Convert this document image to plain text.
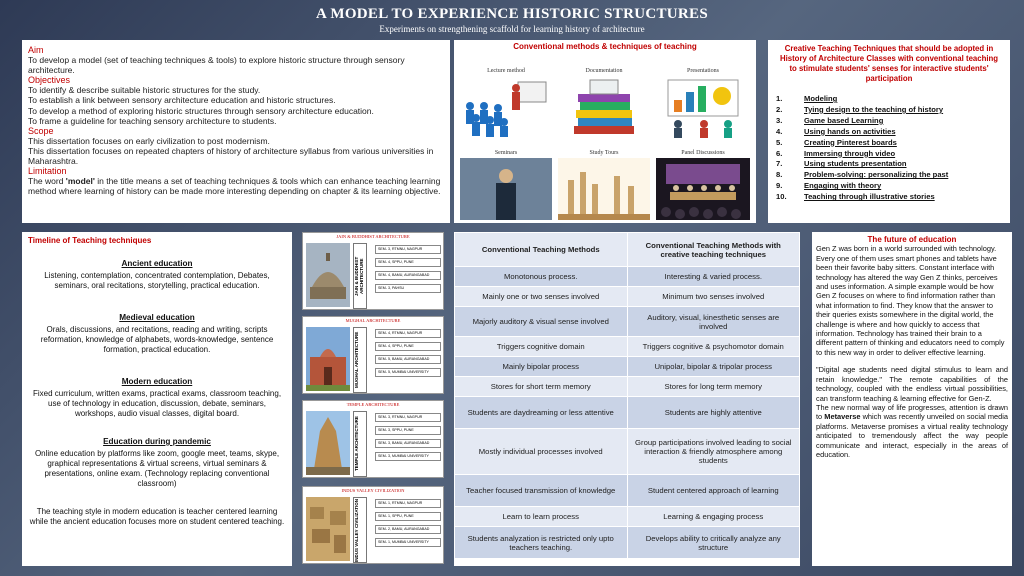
A MODEL TO EXPERIENCE HISTORIC STRUCTURES
Experiments on strengthening scaffold for learning history of architecture
Aim
To develop a model (set of teaching techniques & tools) to explore historic structure through sensory architecture.
Objectives
To identify & describe suitable historic structures for the study.
To establish a link between sensory architecture education and historic structures.
To develop a method of exploring historic structures through sensory architecture education.
To frame a guideline for teaching sensory architecture to students.
Scope
This dissertation focuses on early civilization to post modernism.
This dissertation focuses on repeated chapters of history of architecture syllabus from various universities in Maharashtra.
Limitation
The word 'model' in the title means a set of teaching techniques & tools which can enhance teaching learning method where learning of history can be made more interesting depending on chapter & its learning objective.
Conventional methods & techniques of teaching
Lecture method	Documentation	Presentations
Seminars	Study Tours	Panel Discussions
Creative Teaching Techniques that should be adopted in History of Architecture Classes with conventional teaching to stimulate students' senses for interactive students' participation
1.	Modeling
2.	Tying design to the teaching of history
3.	Game based Learning
4.	Using hands on activities
5.	Creating Pinterest boards
6.	Immersing through video
7.	Using students presentation
8.	Problem-solving: personalizing the past
9.	Engaging with theory
10.	Teaching through illustrative stories
Timeline of Teaching techniques
Ancient education
Listening, contemplation, concentrated contemplation, Debates, seminars, oral recitations, storytelling, practical education.
Medieval education
Orals, discussions, and recitations, reading and writing, scripts reformation, knowledge of alphabets, words-knowledge, sentence formation, practical education.
Modern education
Fixed curriculum, written exams, practical exams, classroom teaching, use of technology in education, discussion, debate, seminars, workshops, audio visual classes, digital board.
Education during pandemic
Online education by platforms like zoom, google meet, teams, skype, graphical representations & virtual screens, virtual seminars & presentations, online exam. (Technology replacing conventional classroom)
The teaching style in modern education is teacher centered learning while the ancient education focuses more on student centered teaching.
JAIN & BUDDHIST ARCHITECTURE
JAIN & BUDDHIST ARCHITECTURE
SEM- 3, RTMNU, NAGPUR
SEM- 4, SPPU, PUNE
SEM- 4, BAMU, AURANGABAD
SEM- 3, PAHSU
MUGHAL ARCHITECTURE
MUGHAL ARCHITECTURE	SEM- 4, RTMNU, NAGPUR
SEM- 4, SPPU, PUNE
SEM- 5, BAMU, AURANGABAD
SEM- 5, MUMBAI UNIVERSITY
TEMPLE ARCHITECTURE
TEMPLE ARCHITECTURE	SEM- 3, RTMNU, NAGPUR
SEM- 3, SPPU, PUNE
SEM- 3, BAMU, AURANGABAD
SEM- 3, MUMBAI UNIVERSITY
INDUS VALLEY CIVILIZATION
INDUS VALLEY CIVILIZATION	SEM- 1, RTMNU, NAGPUR
SEM- 1, SPPU, PUNE
SEM- 2, BAMU, AURANGABAD
SEM- 1, MUMBAI UNIVERSITY
Conventional Teaching Methods	Conventional Teaching Methods with creative teaching techniques
Monotonous process.	Interesting & varied process.
Mainly one or two senses involved	Minimum two senses involved
Majorly auditory & visual sense involved	Auditory, visual, kinesthetic senses are involved
Triggers cognitive domain	Triggers cognitive & psychomotor domain
Mainly bipolar process	Unipolar, bipolar & tripolar process
Stores for short term memory	Stores for long term memory
Students are daydreaming or less attentive	Students are highly attentive
Mostly individual processes involved	Group participations involved leading to social interaction & friendly atmosphere among students
Teacher focused transmission of knowledge	Student centered approach of learning
Learn to learn process	Learning & engaging process
Students analyzation is restricted only upto teachers teaching.	Develops ability to critically analyze any structure
The future of education
Gen Z was born in a world surrounded with technology. Every one of them uses smart phones and tablets have been their favorite baby sitters. Constant interface with technology has altered the way Gen Z thinks, perceives and uses information. A simple example would be how Gen Z focuses on where to find information rather than what information to find. They know that the answer to their queries exists somewhere in the digital world, the challenge is where and how quickly to access that information. Technology has trained their brain to a different pattern of thinking and educators need to comply to this new way in order to deliver effective learning.
"Digital age students need digital stimulus to learn and retain knowledge." The remote capabilities of the technology, coupled with the endless virtual possibilities, can transform teaching & learning effective for Gen-Z.
The new normal way of life progresses, attention is drawn to Metaverse which was recently unveiled on social media platforms. Metaverse promises a virtual reality technology anticipated to tremendously affect the way people communicate and interact, especially in the areas of education.
